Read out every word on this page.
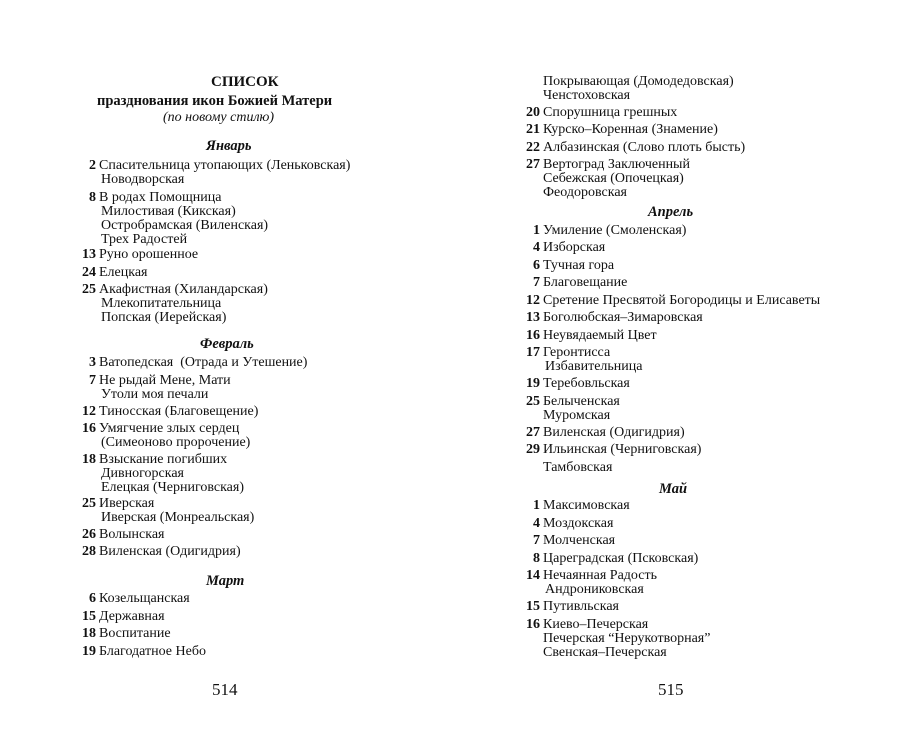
СПИСОК
празднования икон Божией Матери
(по новому стилю)
Январь
2 Спасительница утопающих (Леньковская)
Новодворская
8 В родах Помощница
Милостивая (Кикская)
Остробрамская (Виленская)
Трех Радостей
13 Руно орошенное
24 Елецкая
25 Акафистная (Хиландарская)
Млекопитательница
Попская (Иерейская)
Февраль
3 Ватопедская  (Отрада и Утешение)
7 Не рыдай Мене, Мати
Утоли моя печали
12 Тиносская (Благовещение)
16 Умягчение злых сердец
(Симеоново пророчение)
18 Взыскание погибших
Дивногорская
Елецкая (Черниговская)
25 Иверская
Иверская (Монреальская)
26 Волынская
28 Виленская (Одигидрия)
Март
6 Козельщанская
15 Державная
18 Воспитание
19 Благодатное Небо
514
Покрывающая (Домодедовская)
Ченстоховская
20 Спорушница грешных
21 Курско–Коренная (Знамение)
22 Албазинская (Слово плоть бысть)
27 Вертоград Заключенный
Себежская (Опочецкая)
Феодоровская
Апрель
1 Умиление (Смоленская)
4 Изборская
6 Тучная гора
7 Благовещание
12 Сретение Пресвятой Богородицы и Елисаветы
13 Боголюбская–Зимаровская
16 Неувядаемый Цвет
17 Геронтисса
Избавительница
19 Теребовльская
25 Белыченская
Муромская
27 Виленская (Одигидрия)
29 Ильинская (Черниговская)
Тамбовская
Май
1 Максимовская
4 Моздокская
7 Молченская
8 Цареградская (Псковская)
14 Нечаянная Радость
Андрониковская
15 Путивльская
16 Киево–Печерская
Печерская “Нерукотворная”
Свенская–Печерская
515
